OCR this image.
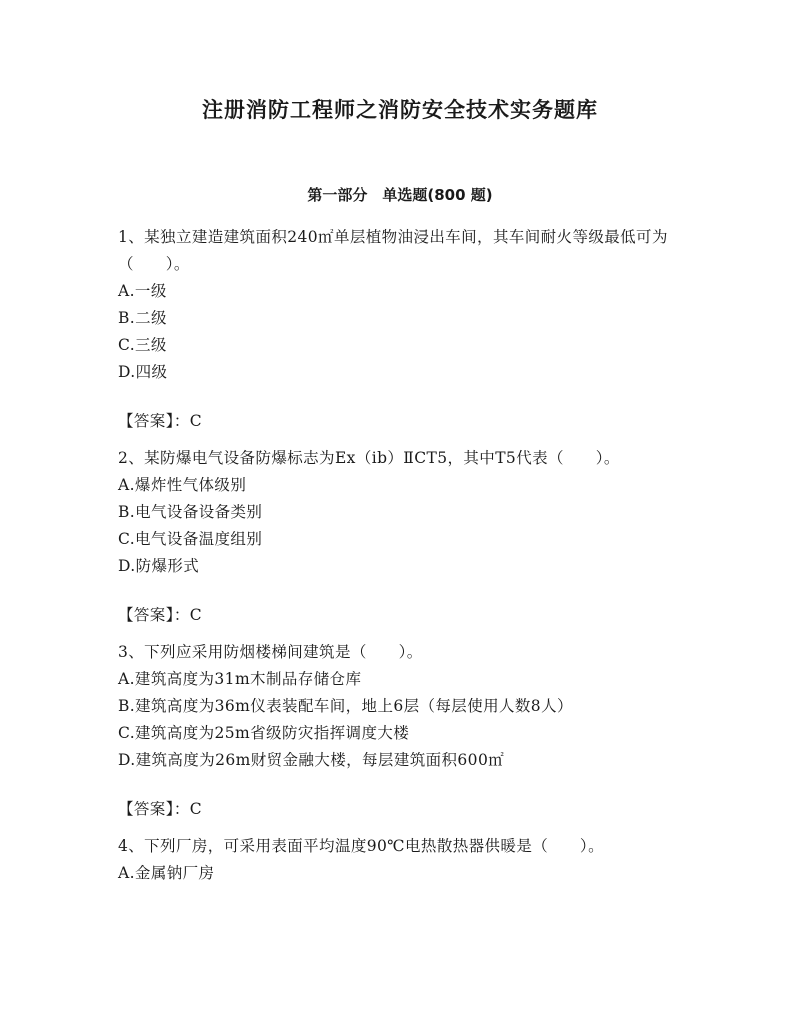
注册消防工程师之消防安全技术实务题库
第一部分　单选题(800 题)

1、某独立建造建筑面积240㎡单层植物油浸出车间，其车间耐火等级最低可为（　　）。

A.一级

B.二级

C.三级

D.四级

【答案】：C

2、某防爆电气设备防爆标志为Ex（ib）ⅡCT5，其中T5代表（　　）。

A.爆炸性气体级别

B.电气设备设备类别

C.电气设备温度组别

D.防爆形式

【答案】：C

3、下列应采用防烟楼梯间建筑是（　　）。

A.建筑高度为31m木制品存储仓库

B.建筑高度为36m仪表装配车间，地上6层（每层使用人数8人）

C.建筑高度为25m省级防灾指挥调度大楼

D.建筑高度为26m财贸金融大楼，每层建筑面积600㎡

【答案】：C

4、下列厂房，可采用表面平均温度90℃电热散热器供暖是（　　）。

A.金属钠厂房
